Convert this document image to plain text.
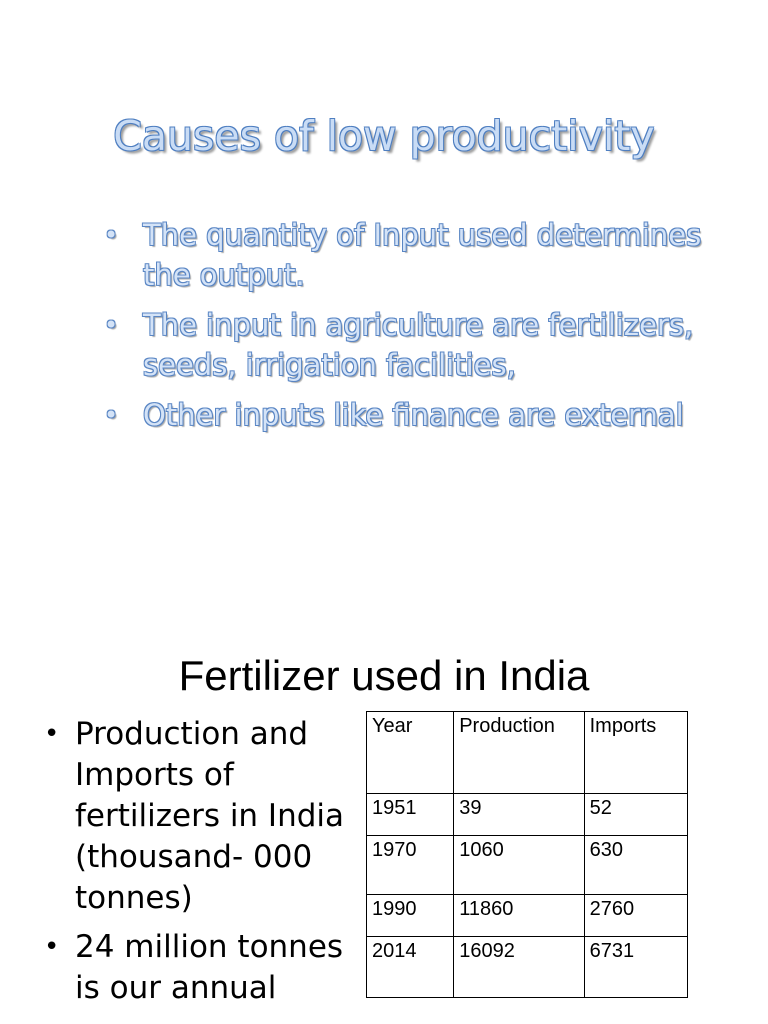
Causes of low productivity
• The quantity of Input used determines the output.
• The input in agriculture are fertilizers, seeds, irrigation facilities,
• Other inputs like finance are external
Fertilizer used in India
• Production and Imports of fertilizers in India (thousand- 000 tonnes)
• 24 million tonnes is our annual
Year	Production	Imports
1951	39	52
1970	1060	630
1990	11860	2760
2014	16092	6731
